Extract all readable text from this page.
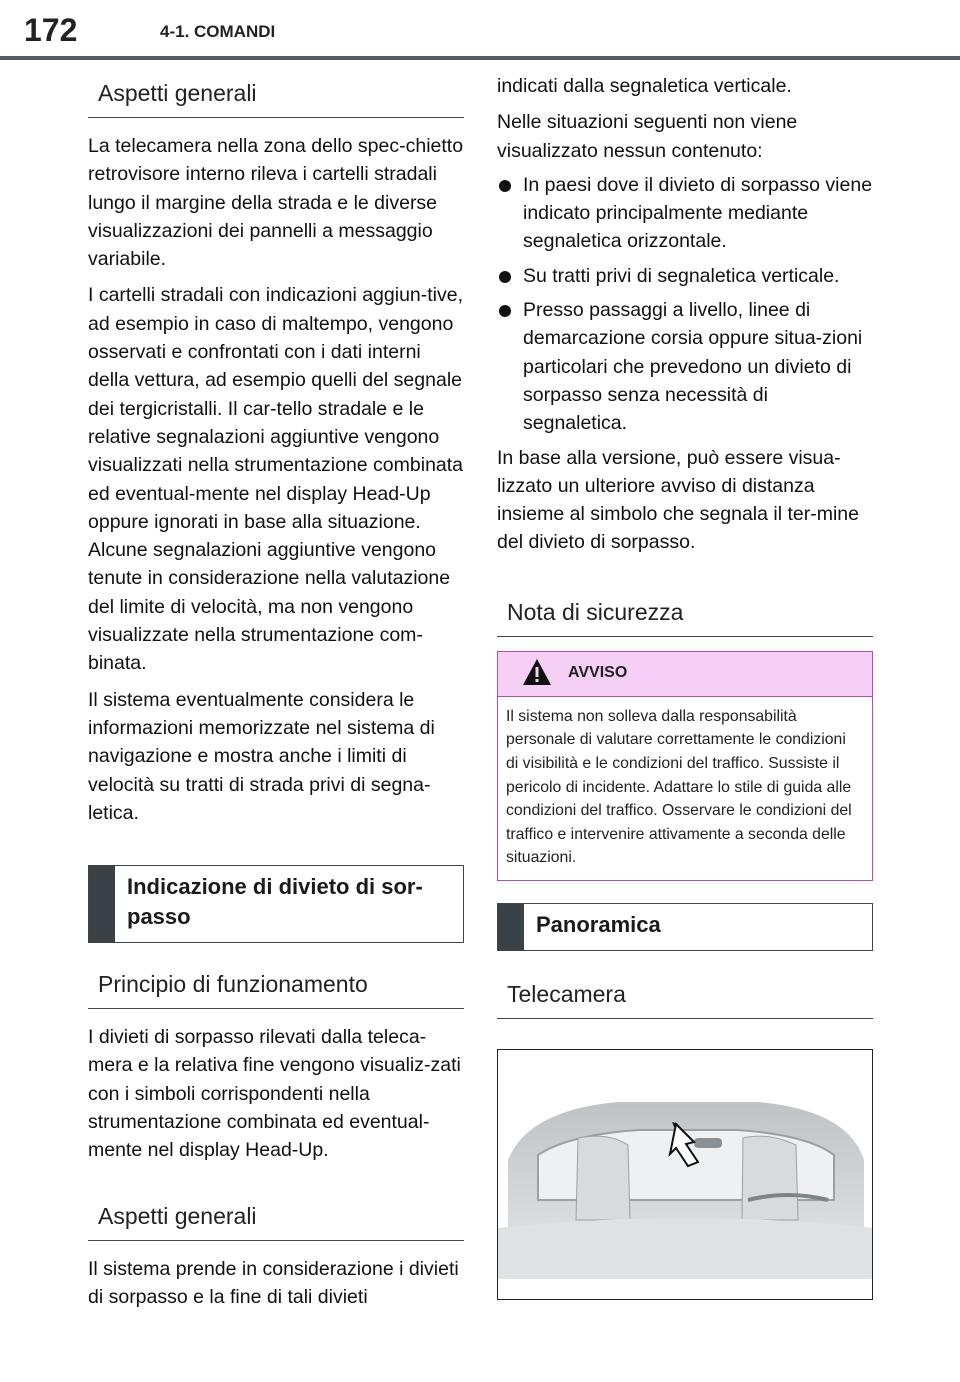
172	4-1. COMANDI
Aspetti generali

La telecamera nella zona dello spec-chietto retrovisore interno rileva i cartelli stradali lungo il margine della strada e le diverse visualizzazioni dei pannelli a messaggio variabile.

I cartelli stradali con indicazioni aggiun-tive, ad esempio in caso di maltempo, vengono osservati e confrontati con i dati interni della vettura, ad esempio quelli del segnale dei tergicristalli. Il car-tello stradale e le relative segnalazioni aggiuntive vengono visualizzati nella strumentazione combinata ed eventual-mente nel display Head-Up oppure ignorati in base alla situazione. Alcune segnalazioni aggiuntive vengono tenute in considerazione nella valutazione del limite di velocità, ma non vengono visualizzate nella strumentazione com-binata.

Il sistema eventualmente considera le informazioni memorizzate nel sistema di navigazione e mostra anche i limiti di velocità su tratti di strada privi di segna-letica.

Indicazione di divieto di sor-passo
Principio di funzionamento

I divieti di sorpasso rilevati dalla teleca-mera e la relativa fine vengono visualiz-zati con i simboli corrispondenti nella strumentazione combinata ed eventual-mente nel display Head-Up.

Aspetti generali

Il sistema prende in considerazione i divieti di sorpasso e la fine di tali divieti

indicati dalla segnaletica verticale.

Nelle situazioni seguenti non viene visualizzato nessun contenuto:

In paesi dove il divieto di sorpasso viene indicato principalmente mediante segnaletica orizzontale.
Su tratti privi di segnaletica verticale.
Presso passaggi a livello, linee di demarcazione corsia oppure situa-zioni particolari che prevedono un divieto di sorpasso senza necessità di segnaletica.

In base alla versione, può essere visua-lizzato un ulteriore avviso di distanza insieme al simbolo che segnala il ter-mine del divieto di sorpasso.

Nota di sicurezza
AVVISO
Il sistema non solleva dalla responsabilità personale di valutare correttamente le condizioni di visibilità e le condizioni del traffico. Sussiste il pericolo di incidente. Adattare lo stile di guida alle condizioni del traffico. Osservare le condizioni del traffico e intervenire attivamente a seconda delle situazioni.
Panoramica
Telecamera
